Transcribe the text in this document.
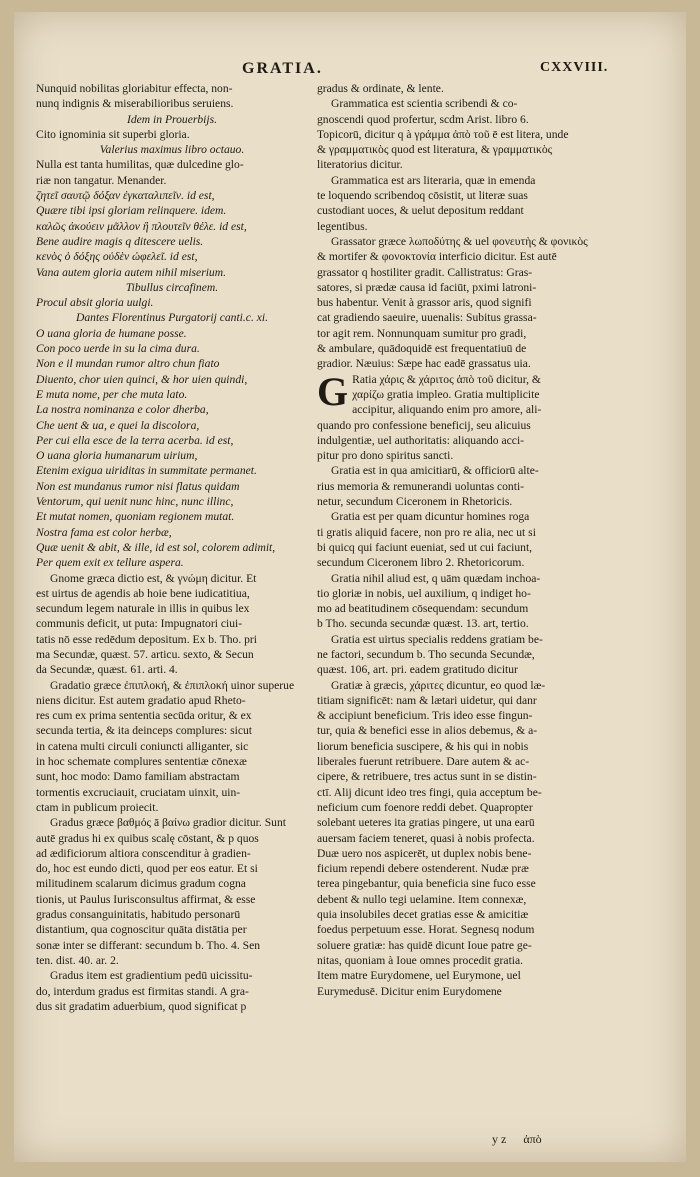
GRATIA.	CXXVIII.

Nunquid nobilitas gloriabitur effecta, non-

nunq indignis & miserabilioribus seruiens.

Idem in Prouerbijs.

Cito ignominia sit superbi gloria.

Valerius maximus libro octauo.

Nulla est tanta humilitas, quæ dulcedine glo-

riæ non tangatur. Menander.

ζητεῖ σαυτῷ δόξαν ἐγκαταλιπεῖν. id est,

Quære tibi ipsi gloriam relinquere. idem.

καλῶς ἀκούειν μᾶλλον ἢ πλουτεῖν θέλε. id est,

Bene audire magis q ditescere uelis.

κενὸς ὁ δόξης οὐδὲν ὠφελεῖ. id est,

Vana autem gloria autem nihil miserium.

Tibullus circafinem.

Procul absit gloria uulgi.

Dantes Florentinus Purgatorij canti.c. xi.

O uana gloria de humane posse.

Con poco uerde in su la cima dura.

Non e il mundan rumor altro chun fiato

Diuento, chor uien quinci, & hor uien quindi,

E muta nome, per che muta lato.

La nostra nominanza e color dherba,

Che uent & ua, e quei la discolora,

Per cui ella esce de la terra acerba. id est,

O uana gloria humanarum uirium,

Etenim exigua uiriditas in summitate permanet.

Non est mundanus rumor nisi flatus quidam

Ventorum, qui uenit nunc hinc, nunc illinc,

Et mutat nomen, quoniam regionem mutat.

Nostra fama est color herbæ,

Quæ uenit & abit, & ille, id est sol, colorem adimit,

Per quem exit ex tellure aspera.

Gnome græca dictio est, & γνώμη dicitur. Et

est uirtus de agendis ab hoie bene iudicatitiua,

secundum legem naturale in illis in quibus lex

communis deficit, ut puta: Impugnatori ciui-

tatis nō esse redēdum depositum. Ex b. Tho. pri

ma Secundæ, quæst. 57. articu. sexto, & Secun

da Secundæ, quæst. 61. arti. 4.

Gradatio græce ἐπιπλοκή, & ἐπιπλοκή uinor superue

niens dicitur. Est autem gradatio apud Rheto-

res cum ex prima sententia secūda oritur, & ex

secunda tertia, & ita deinceps complures: sicut

in catena multi circuli coniuncti alliganter, sic

in hoc schemate complures sententiæ cōnexæ

sunt, hoc modo: Damo familiam abstractam

tormentis excruciauit, cruciatam uinxit, uin-

ctam in publicum proiecit.

Gradus græce βαθμός ā βαίνω gradior dicitur. Sunt

autē gradus hi ex quibus scalę cōstant, & p quos

ad ædificiorum altiora conscenditur à gradien-

do, hoc est eundo dicti, quod per eos eatur. Et si

militudinem scalarum dicimus gradum cogna

tionis, ut Paulus Iurisconsultus affirmat, & esse

gradus consanguinitatis, habitudo personarū

distantium, qua cognoscitur quāta distātia per

sonæ inter se differant: secundum b. Tho. 4. Sen

ten. dist. 40. ar. 2.

Gradus item est gradientium pedū uicissitu-

do, interdum gradus est firmitas standi. A gra-

dus sit gradatim aduerbium, quod significat p

gradus & ordinate, & lente.

Grammatica est scientia scribendi & co-

gnoscendi quod profertur, scdm Arist. libro 6.

Topicorū, dicitur q à γράμμα ἀπὸ τοῦ ē est litera, unde

& γραμματικὸς quod est literatura, & γραμματικὸς

literatorius dicitur.

Grammatica est ars literaria, quæ in emenda

te loquendo scribendoq cōsistit, ut literæ suas

custodiant uoces, & uelut depositum reddant

legentibus.

Grassator græce λωποδύτης & uel φονευτὴς & φονικὸς

& mortifer & φονοκτονία interficio dicitur. Est autē

grassator q hostiliter gradit. Callistratus: Gras-

satores, si prædæ causa id faciūt, pximi latroni-

bus habentur. Venit à grassor aris, quod signifi

cat gradiendo saeuire, uuenalis: Subitus grassa-

tor agit rem. Nonnunquam sumitur pro gradi,

& ambulare, quādoquidē est frequentatiuū de

gradior. Næuius: Sæpe hac eadē grassatus uia.

G Ratia χάρις & χάριτος ἀπὸ τοῦ dicitur, &

χαρίζω gratia impleo. Gratia multiplicite

accipitur, aliquando enim pro amore, ali-

quando pro confessione beneficij, seu alicuius

indulgentiæ, uel authoritatis: aliquando acci-

pitur pro dono spiritus sancti.

Gratia est in qua amicitiarū, & officiorū alte-

rius memoria & remunerandi uoluntas conti-

netur, secundum Ciceronem in Rhetoricis.

Gratia est per quam dicuntur homines roga

ti gratis aliquid facere, non pro re alia, nec ut si

bi quicq qui faciunt eueniat, sed ut cui faciunt,

secundum Ciceronem libro 2. Rhetoricorum.

Gratia nihil aliud est, q uām quædam inchoa-

tio gloriæ in nobis, uel auxilium, q indiget ho-

mo ad beatitudinem cōsequendam: secundum

b Tho. secunda secundæ quæst. 13. art, tertio.

Gratia est uirtus specialis reddens gratiam be-

ne factori, secundum b. Tho secunda Secundæ,

quæst. 106, art. pri. eadem gratitudo dicitur

Gratiæ à græcis, χάριτες dicuntur, eo quod læ-

titiam significēt: nam & lætari uidetur, qui danr

& accipiunt beneficium. Tris ideo esse fingun-

tur, quia & benefici esse in alios debemus, & a-

liorum beneficia suscipere, & his qui in nobis

liberales fuerunt retribuere. Dare autem & ac-

cipere, & retribuere, tres actus sunt in se distin-

ctī. Alij dicunt ideo tres fingi, quia acceptum be-

neficium cum foenore reddi debet. Quapropter

solebant ueteres ita gratias pingere, ut una earū

auersam faciem teneret, quasi à nobis profecta.

Duæ uero nos aspicerēt, ut duplex nobis bene-

ficium rependi debere ostenderent. Nudæ præ

terea pingebantur, quia beneficia sine fuco esse

debent & nullo tegi uelamine. Item connexæ,

quia insolubiles decet gratias esse & amicitiæ

foedus perpetuum esse. Horat. Segnesq nodum

soluere gratiæ: has quidē dicunt Ioue patre ge-

nitas, quoniam à Ioue omnes procedit gratia.

Item matre Eurydomene, uel Eurymone, uel

Eurymedusē. Dicitur enim Eurydomene

y z ἀπὸ
